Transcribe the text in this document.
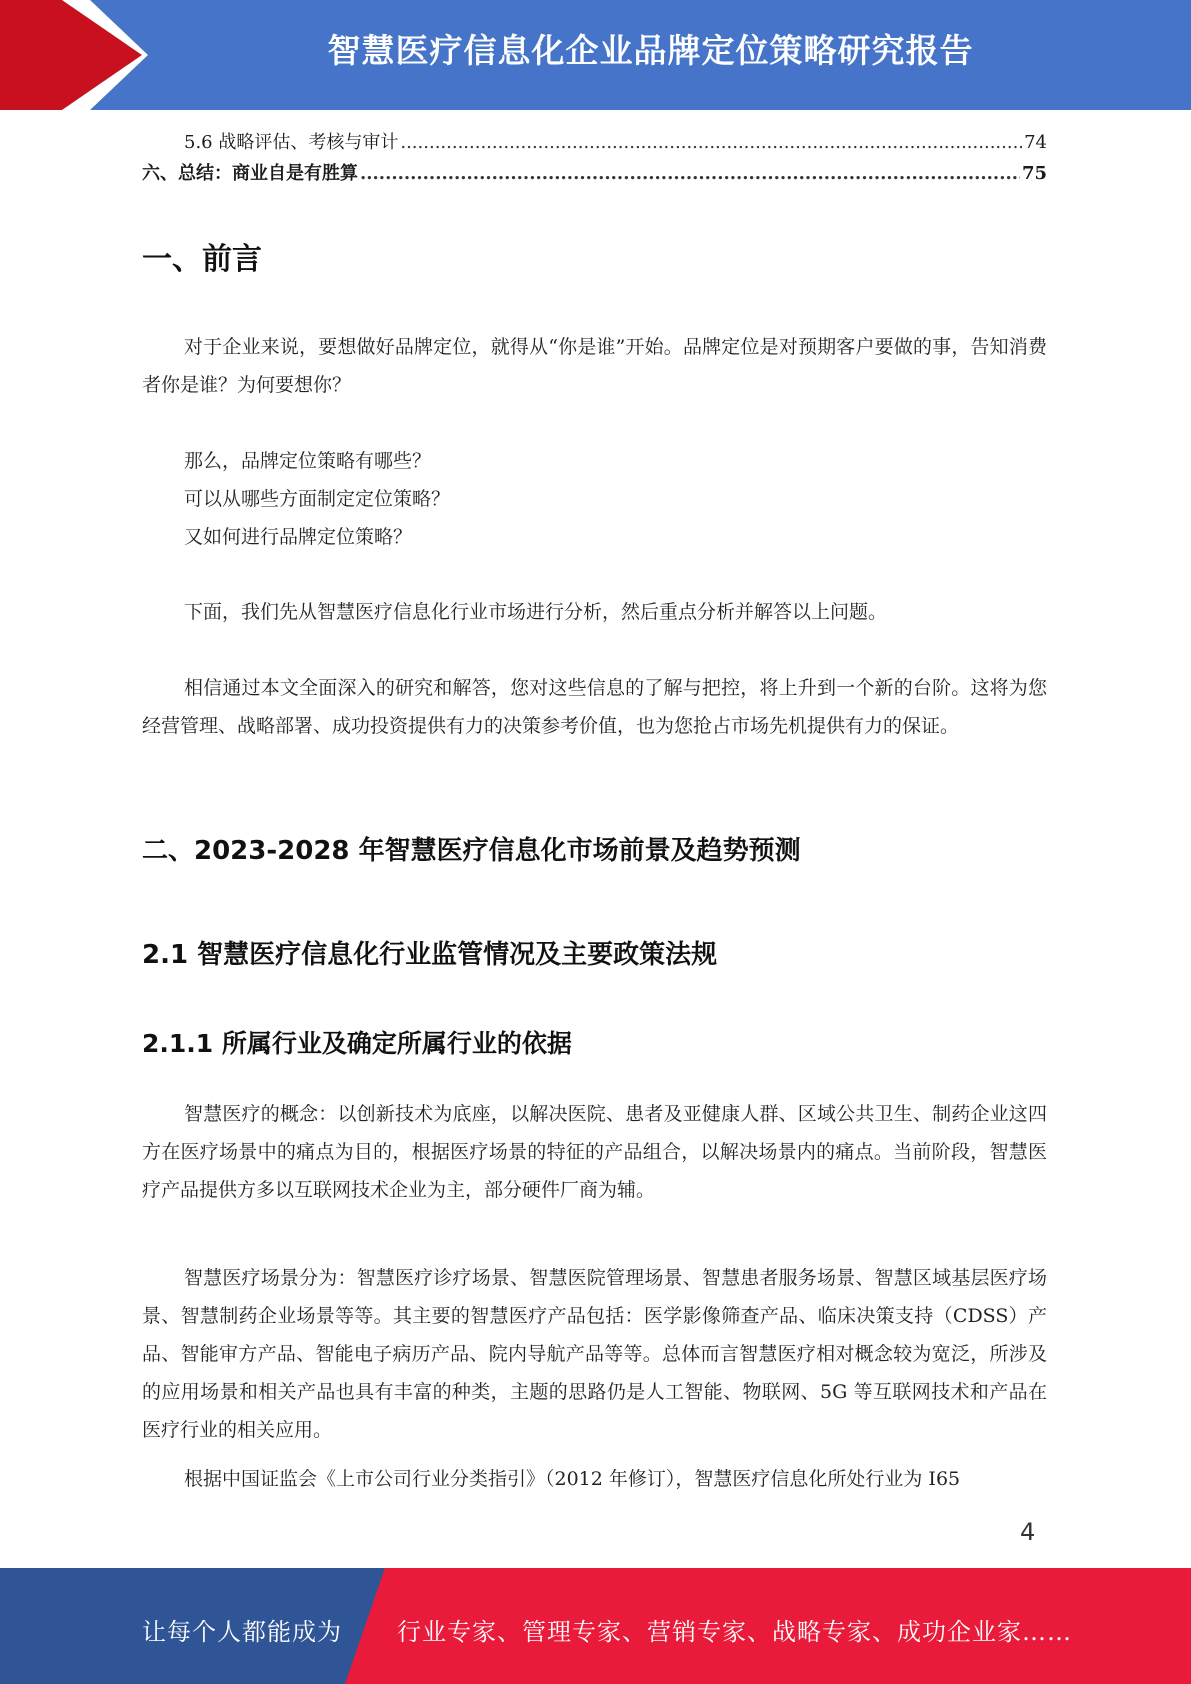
智慧医疗信息化企业品牌定位策略研究报告
5.6 战略评估、考核与审计 .....	74
六、总结：商业自是有胜算 .....	75
一、前言
对于企业来说，要想做好品牌定位，就得从“你是谁”开始。品牌定位是对预期客户要做的事，告知消费者你是谁？为何要想你？
那么，品牌定位策略有哪些？
可以从哪些方面制定定位策略？
又如何进行品牌定位策略？
下面，我们先从智慧医疗信息化行业市场进行分析，然后重点分析并解答以上问题。
相信通过本文全面深入的研究和解答，您对这些信息的了解与把控，将上升到一个新的台阶。这将为您经营管理、战略部署、成功投资提供有力的决策参考价值，也为您抢占市场先机提供有力的保证。
二、2023-2028 年智慧医疗信息化市场前景及趋势预测
2.1 智慧医疗信息化行业监管情况及主要政策法规
2.1.1 所属行业及确定所属行业的依据
智慧医疗的概念：以创新技术为底座，以解决医院、患者及亚健康人群、区域公共卫生、制药企业这四方在医疗场景中的痛点为目的，根据医疗场景的特征的产品组合，以解决场景内的痛点。当前阶段，智慧医疗产品提供方多以互联网技术企业为主，部分硬件厂商为辅。
智慧医疗场景分为：智慧医疗诊疗场景、智慧医院管理场景、智慧患者服务场景、智慧区域基层医疗场景、智慧制药企业场景等等。其主要的智慧医疗产品包括：医学影像筛查产品、临床决策支持（CDSS）产品、智能审方产品、智能电子病历产品、院内导航产品等等。总体而言智慧医疗相对概念较为宽泛，所涉及的应用场景和相关产品也具有丰富的种类，主题的思路仍是人工智能、物联网、5G 等互联网技术和产品在医疗行业的相关应用。
根据中国证监会《上市公司行业分类指引》（2012 年修订），智慧医疗信息化所处行业为 I65
4
让每个人都能成为 行业专家、管理专家、营销专家、战略专家、成功企业家……
